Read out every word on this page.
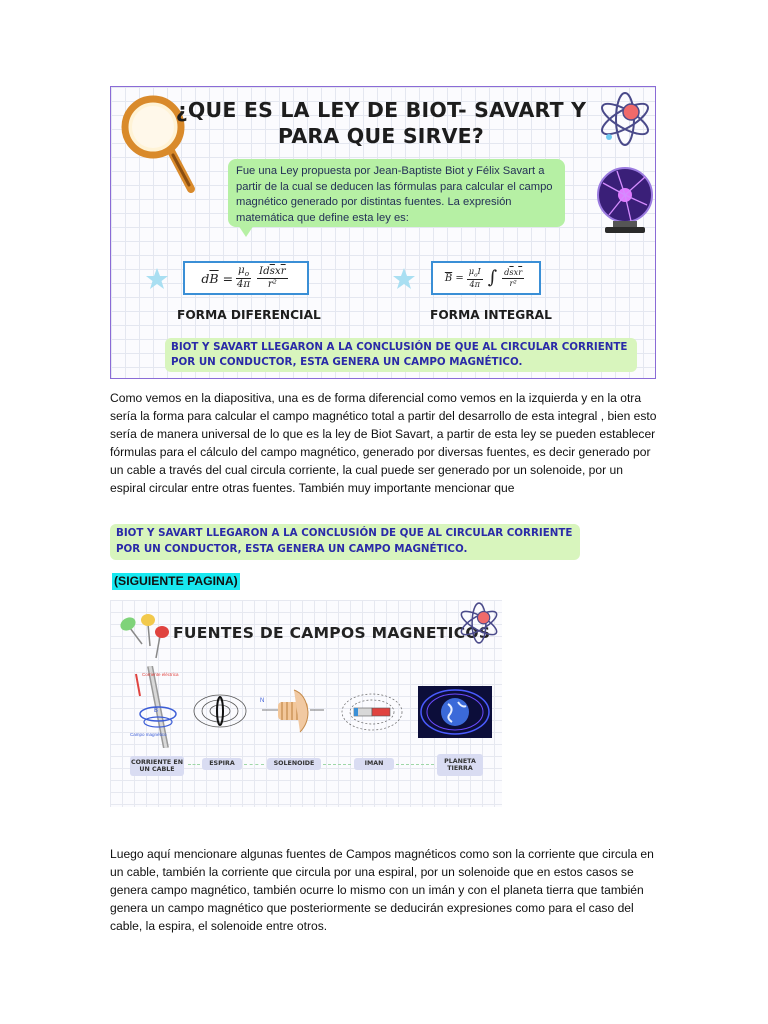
¿QUE ES LA LEY DE BIOT- SAVART Y
PARA QUE SIRVE?
Fue una Ley propuesta por Jean-Baptiste Biot y Félix Savart a partir de la cual se deducen las fórmulas para calcular el campo magnético generado por distintas fuentes. La expresión matemática que define esta ley es:
$d\overline{B} = \frac{\mu_o}{4\pi} \frac{Id\overline{s}x\overline{r}}{\text{r²}}$	$\overline{B} = \frac{\mu_oI}{4\pi}$ ∫ $\frac{d\overline{s}x\overline{r}}{\text{r²}}$
FORMA DIFERENCIAL	FORMA INTEGRAL
BIOT Y SAVART LLEGARON A LA CONCLUSIÓN DE QUE AL CIRCULAR CORRIENTE POR UN CONDUCTOR, ESTA GENERA UN CAMPO MAGNÉTICO.
Como vemos en la diapositiva, una es de forma diferencial como vemos en la izquierda y en la otra sería la forma para calcular el campo magnético total a partir del desarrollo de esta integral , bien esto sería de manera universal de lo que es la ley de Biot Savart, a partir de esta ley se pueden establecer fórmulas para el cálculo del campo magnético, generado por diversas fuentes, es decir generado por un cable a través del cual circula corriente, la cual puede ser generado por un solenoide, por un espiral circular entre otras fuentes. También muy importante mencionar que
BIOT Y SAVART LLEGARON A LA CONCLUSIÓN DE QUE AL CIRCULAR CORRIENTE POR UN CONDUCTOR, ESTA GENERA UN CAMPO MAGNÉTICO.
(SIGUIENTE PAGINA)
FUENTES DE CAMPOS MAGNETICOS
Corriente eléctrica
B
Campo magnético
N
CORRIENTE EN UN CABLE
ESPIRA	SOLENOIDE	IMAN	PLANETA TIERRA
Luego aquí mencionare algunas fuentes de Campos magnéticos como son la corriente que circula en un cable, también la corriente que circula por una espiral, por un solenoide que en estos casos se genera campo magnético, también ocurre lo mismo con un imán y con el planeta tierra que también genera un campo magnético que posteriormente se deducirán expresiones como para el caso del cable, la espira, el solenoide entre otros.
